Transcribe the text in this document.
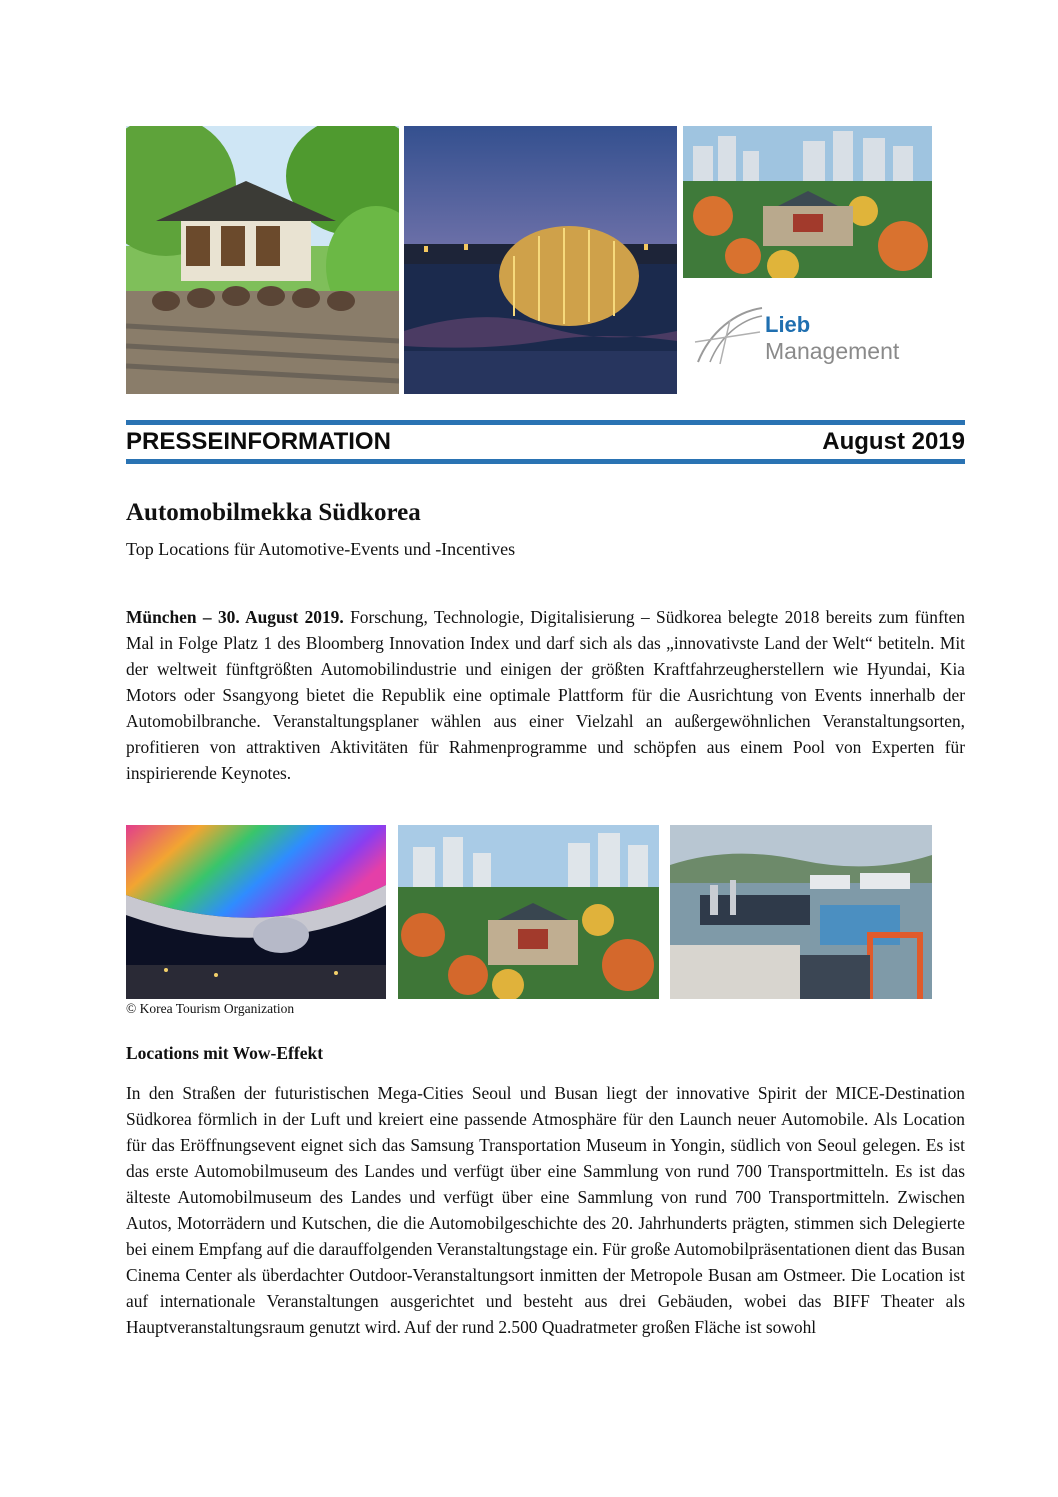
Lieb
Management
PRESSEINFORMATION	August 2019
Automobilmekka Südkorea
Top Locations für Automotive-Events und -Incentives

München – 30. August 2019. Forschung, Technologie, Digitalisierung – Südkorea belegte 2018 bereits zum fünften Mal in Folge Platz 1 des Bloomberg Innovation Index und darf sich als das „innovativste Land der Welt“ betiteln. Mit der weltweit fünftgrößten Automobilindustrie und einigen der größten Kraftfahrzeugherstellern wie Hyundai, Kia Motors oder Ssangyong bietet die Republik eine optimale Plattform für die Ausrichtung von Events innerhalb der Automobilbranche. Veranstaltungsplaner wählen aus einer Vielzahl an außergewöhnlichen Veranstaltungsorten, profitieren von attraktiven Aktivitäten für Rahmenprogramme und schöpfen aus einem Pool von Experten für inspirierende Keynotes.

© Korea Tourism Organization
Locations mit Wow-Effekt

In den Straßen der futuristischen Mega-Cities Seoul und Busan liegt der innovative Spirit der MICE-Destination Südkorea förmlich in der Luft und kreiert eine passende Atmosphäre für den Launch neuer Automobile. Als Location für das Eröffnungsevent eignet sich das Samsung Transportation Museum in Yongin, südlich von Seoul gelegen. Es ist das erste Automobilmuseum des Landes und verfügt über eine Sammlung von rund 700 Transportmitteln. Es ist das älteste Automobilmuseum des Landes und verfügt über eine Sammlung von rund 700 Transportmitteln. Zwischen Autos, Motorrädern und Kutschen, die die Automobilgeschichte des 20. Jahrhunderts prägten, stimmen sich Delegierte bei einem Empfang auf die darauffolgenden Veranstaltungstage ein. Für große Automobilpräsentationen dient das Busan Cinema Center als überdachter Outdoor-Veranstaltungsort inmitten der Metropole Busan am Ostmeer. Die Location ist auf internationale Veranstaltungen ausgerichtet und besteht aus drei Gebäuden, wobei das BIFF Theater als Hauptveranstaltungsraum genutzt wird. Auf der rund 2.500 Quadratmeter großen Fläche ist sowohl
